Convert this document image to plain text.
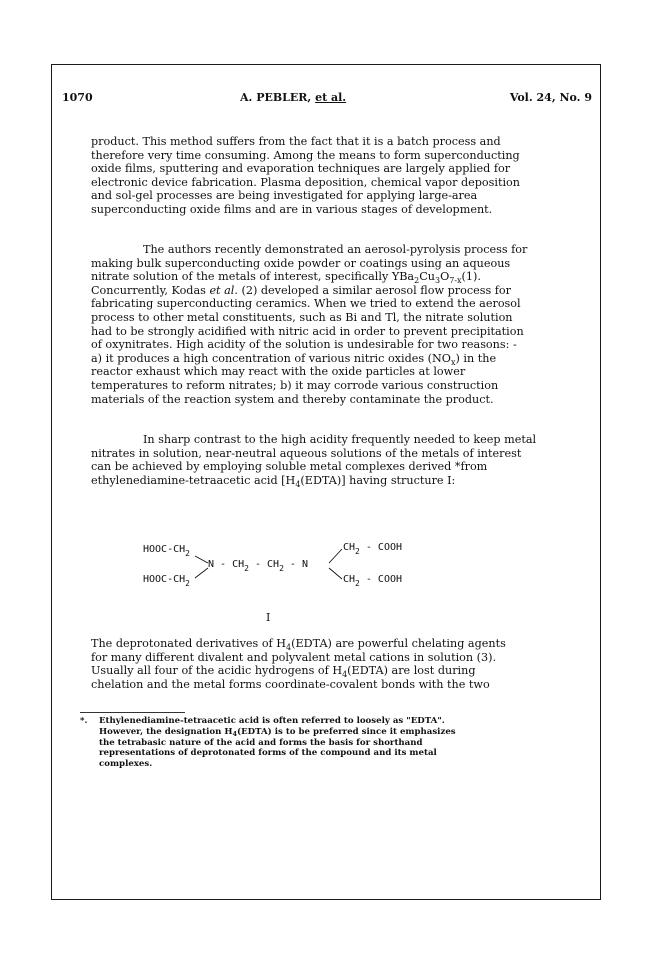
1070	A. PEBLER, et al.	Vol. 24, No. 9

product. This method suffers from the fact that it is a batch process and
therefore very time consuming. Among the means to form superconducting
oxide films, sputtering and evaporation techniques are largely applied for
electronic device fabrication. Plasma deposition, chemical vapor deposition
and sol-gel processes are being investigated for applying large-area
superconducting oxide films and are in various stages of development.

The authors recently demonstrated an aerosol-pyrolysis process for
making bulk superconducting oxide powder or coatings using an aqueous
nitrate solution of the metals of interest, specifically $YBa_2Cu_3O_{7-x}(1)$.
Concurrently, Kodas et al. (2) developed a similar aerosol flow process for
fabricating superconducting ceramics. When we tried to extend the aerosol
process to other metal constituents, such as Bi and Tl, the nitrate solution
had to be strongly acidified with nitric acid in order to prevent precipitation
of oxynitrates. High acidity of the solution is undesirable for two reasons: -
a) it produces a high concentration of various nitric oxides $(NO_x)$ in the
reactor exhaust which may react with the oxide particles at lower
temperatures to reform nitrates; b) it may corrode various construction
materials of the reaction system and thereby contaminate the product.

In sharp contrast to the high acidity frequently needed to keep metal
nitrates in solution, near-neutral aqueous solutions of the metals of interest
can be achieved by employing soluble metal complexes derived *from
ethylenediamine-tetraacetic acid $[H_4(EDTA)]$ having structure I:

HOOC-$CH_2$
HOOC-$CH_2$
N - $CH_2 - CH_2$ - N
$CH_2$ - COOH
$CH_2$ - COOH
I

The deprotonated derivatives of $H_4(EDTA)$ are powerful chelating agents
for many different divalent and polyvalent metal cations in solution (3).
Usually all four of the acidic hydrogens of $H_4(EDTA)$ are lost during
chelation and the metal forms coordinate-covalent bonds with the two

*. Ethylenediamine-tetraacetic acid is often referred to loosely as "EDTA".
However, the designation $H_4(EDTA)$ is to be preferred since it emphasizes
the tetrabasic nature of the acid and forms the basis for shorthand
representations of deprotonated forms of the compound and its metal
complexes.
